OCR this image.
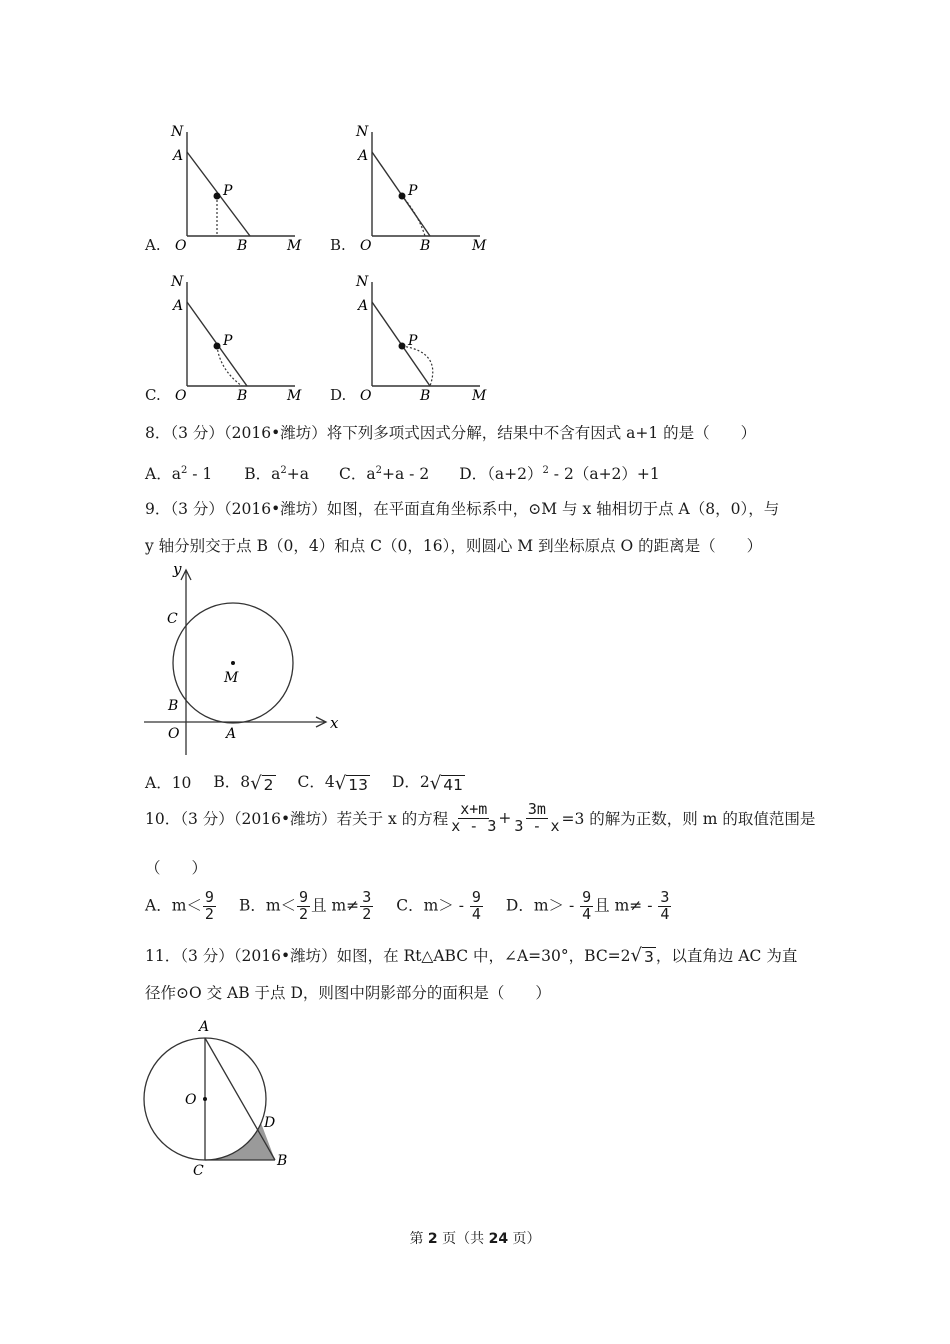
A.
N
A
P
O	B	M B.
N
A
P
O	B	M
C.
N
A
P
O	B	M D.
N
A
P
O	B	M
8．（3 分）（2016•潍坊）将下列多项式因式分解，结果中不含有因式 a+1 的是（　　）
A．$a^2 - 1$ B．$a^2+a$ C．$a^2+a - 2$ D．$(a+2)^2 - 2(a+2)+1$
9．（3 分）（2016•潍坊）如图，在平面直角坐标系中，⊙M 与 x 轴相切于点 A（8，0），与
y 轴分别交于点 B（0，4）和点 C（0，16），则圆心 M 到坐标原点 O 的距离是（　　）
y
x
C
M
B
O	A
A．10 B．8 √ 2 C．4 √ 13 D．2 √ 41
10．（3 分）（2016•潍坊）若关于 x 的方程 $\frac{x+m}{x - 3} + \frac{3m}{3 - x} =3$ 的解为正数，则 m 的取值范围是
（　　）
A．$m< \frac{9}{2}$ B．$m< \frac{9}{2}$ 且 $m\ne \frac{3}{2}$ C．$m> - \frac{9}{4}$ D．$m> - \frac{9}{4}$ 且 $m\ne - \frac{3}{4}$
11．（3 分）（2016•潍坊）如图，在 Rt△ABC 中，∠A=30°，BC=2 √ 3 ，以直角边 AC 为直
径作⊙O 交 AB 于点 D，则图中阴影部分的面积是（　　）
A
O
D
C
B
第 2 页（共 24 页）
